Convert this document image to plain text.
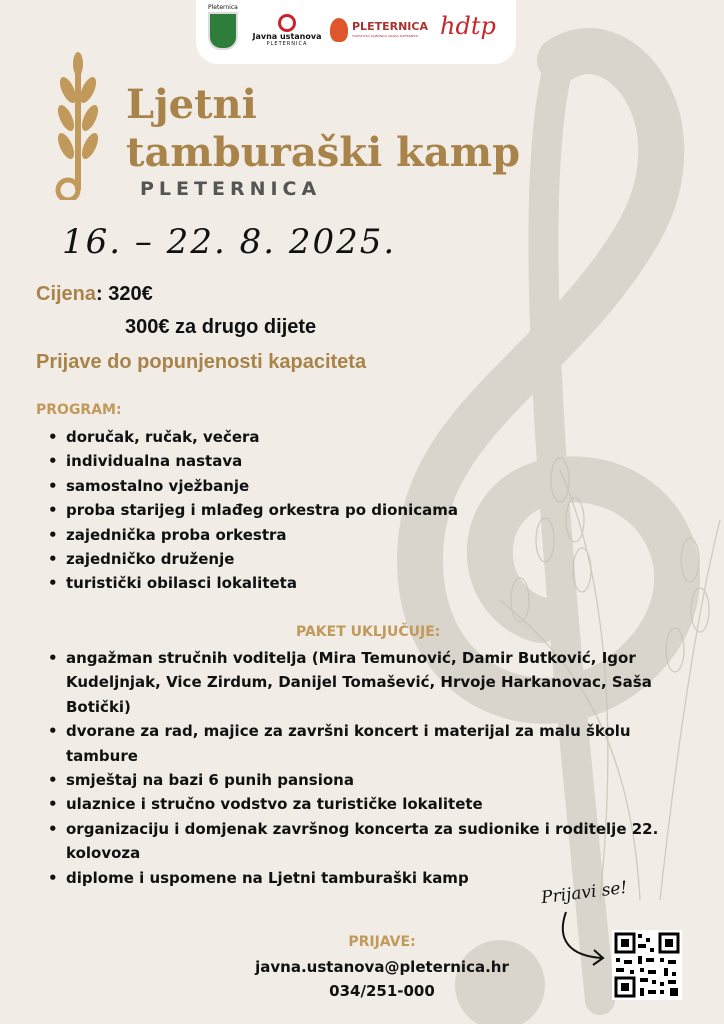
Pleternica
Javna ustanova
PLETERNICA
PLETERNICA
TURISTIČKA ZAJEDNICA GRADA PLETERNICE hdtp
Ljetni
tamburaški kamp
PLETERNICA
16. – 22. 8. 2025.
Cijena: 320€
300€ za drugo dijete
Prijave do popunjenosti kapaciteta
PROGRAM:
• doručak, ručak, večera
• individualna nastava
• samostalno vježbanje
• proba starijeg i mlađeg orkestra po dionicama
• zajednička proba orkestra
• zajedničko druženje
• turistički obilasci lokaliteta
PAKET UKLJUČUJE:
• angažman stručnih voditelja (Mira Temunović, Damir Butković, Igor Kudeljnjak, Vice Zirdum, Danijel Tomašević, Hrvoje Harkanovac, Saša Botički)
• dvorane za rad, majice za završni koncert i materijal za malu školu tambure
• smještaj na bazi 6 punih pansiona
• ulaznice i stručno vodstvo za turističke lokalitete
• organizaciju i domjenak završnog koncerta za sudionike i roditelje 22. kolovoza
• diplome i uspomene na Ljetni tamburaški kamp
Prijavi se!
PRIJAVE:
javna.ustanova@pleternica.hr
034/251-000
